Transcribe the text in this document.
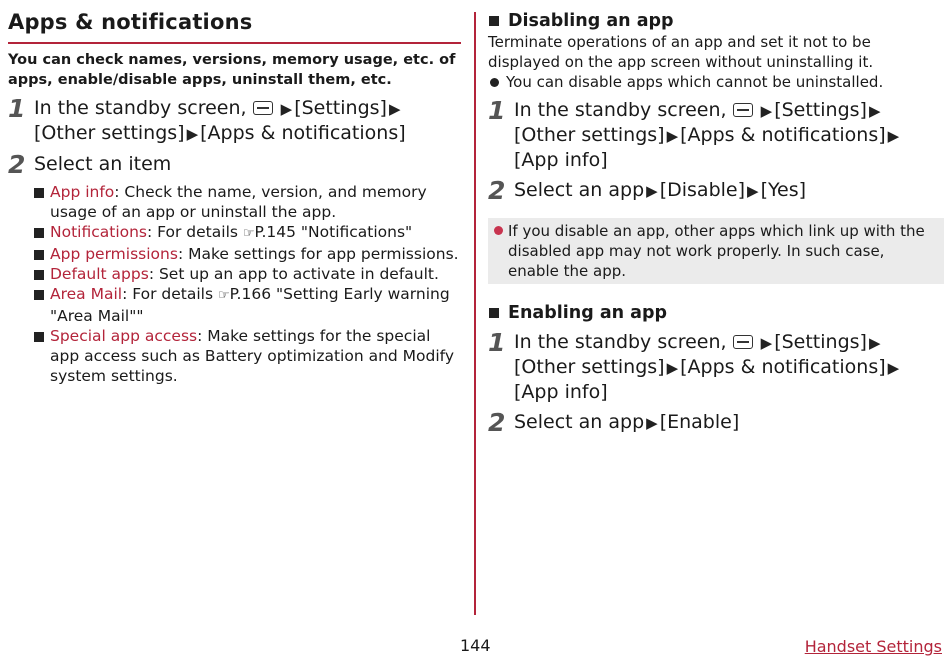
Apps & notifications
You can check names, versions, memory usage, etc. of apps, enable/disable apps, uninstall them, etc.
1 In the standby screen, ▶ [Settings] ▶
[Other settings] ▶ [Apps & notifications]
2 Select an item
App info: Check the name, version, and memory usage of an app or uninstall the app.
Notifications: For details ☞P.145 "Notifications"
App permissions: Make settings for app permissions.
Default apps: Set up an app to activate in default.
Area Mail: For details ☞P.166 "Setting Early warning "Area Mail""
Special app access: Make settings for the special app access such as Battery optimization and Modify system settings.
Disabling an app
Terminate operations of an app and set it not to be displayed on the app screen without uninstalling it.
You can disable apps which cannot be uninstalled.
1 In the standby screen, ▶ [Settings] ▶
[Other settings] ▶ [Apps & notifications] ▶
[App info]
2 Select an app ▶ [Disable] ▶ [Yes]
If you disable an app, other apps which link up with the disabled app may not work properly. In such case, enable the app.
Enabling an app
1 In the standby screen, ▶ [Settings] ▶
[Other settings] ▶ [Apps & notifications] ▶
[App info]
2 Select an app ▶ [Enable]
144	Handset Settings
